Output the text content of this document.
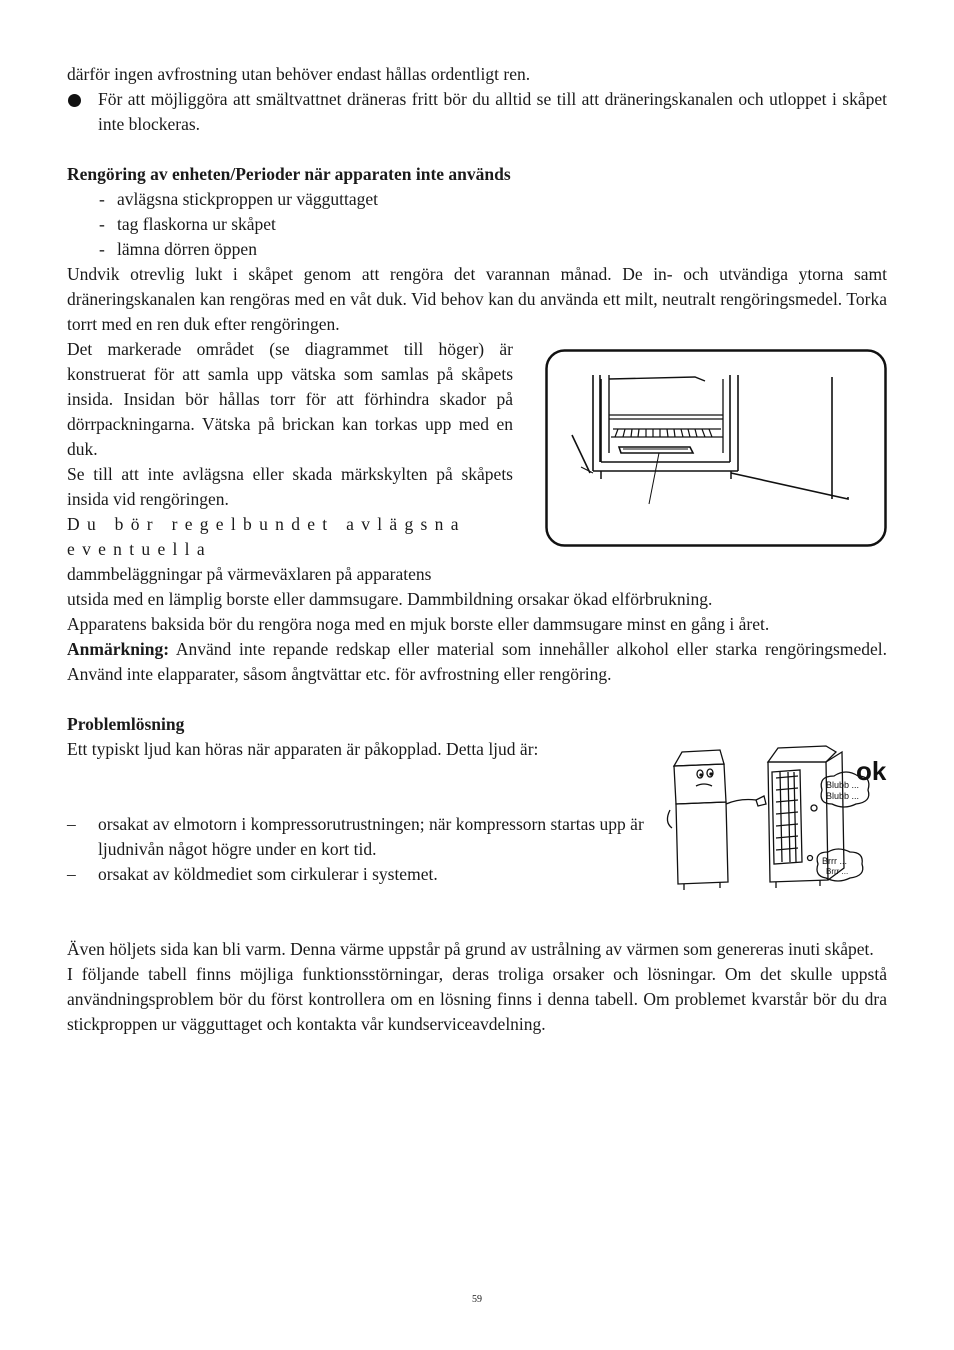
därför ingen avfrostning utan behöver endast hållas ordentligt ren.

För att möjliggöra att smältvattnet dräneras fritt bör du alltid se till att dräneringskanalen och utloppet i skåpet inte blockeras.

Rengöring av enheten/Perioder när apparaten inte används

- avlägsna stickproppen ur vägguttaget
- tag flaskorna ur skåpet
- lämna dörren öppen

Undvik otrevlig lukt i skåpet genom att rengöra det varannan månad. De in- och utvändiga ytorna samt dräneringskanalen kan rengöras med en våt duk. Vid behov kan du använda ett milt, neutralt rengöringsmedel. Torka torrt med en ren duk efter rengöringen.

Det markerade området (se diagrammet till höger) är konstruerat för att samla upp vätska som samlas på skåpets insida. Insidan bör hållas torr för att förhindra skador på dörrpackningarna. Vätska på brickan kan torkas upp med en duk.

Se till att inte avlägsna eller skada märkskylten på skåpets insida vid rengöringen.

Du bör regelbundet avlägsna eventuella

dammbeläggningar på värmeväxlaren på apparatens

utsida med en lämplig borste eller dammsugare. Dammbildning orsakar ökad elförbrukning.

Apparatens baksida bör du rengöra noga med en mjuk borste eller dammsugare minst en gång i året.

Anmärkning: Använd inte repande redskap eller material som innehåller alkohol eller starka rengöringsmedel. Använd inte elapparater, såsom ångtvättar etc. för avfrostning eller rengöring.

Problemlösning

Ett typiskt ljud kan höras när apparaten är påkopplad. Detta ljud är:

– orsakat av elmotorn i kompressorutrustningen; när kompressorn startas upp är ljudnivån något högre under en kort tid.
– orsakat av köldmediet som cirkulerar i systemet.

Även höljets sida kan bli varm. Denna värme uppstår på grund av ustrålning av värmen som genereras inuti skåpet.

I följande tabell finns möjliga funktionsstörningar, deras troliga orsaker och lösningar. Om det skulle uppstå användningsproblem bör du först kontrollera om en lösning finns i denna tabell. Om problemet kvarstår bör du dra stickproppen ur vägguttaget och kontakta vår kundserviceavdelning.

ok
Blubb ...
Blubb ...
Brrr ...
Brrr ...
59
